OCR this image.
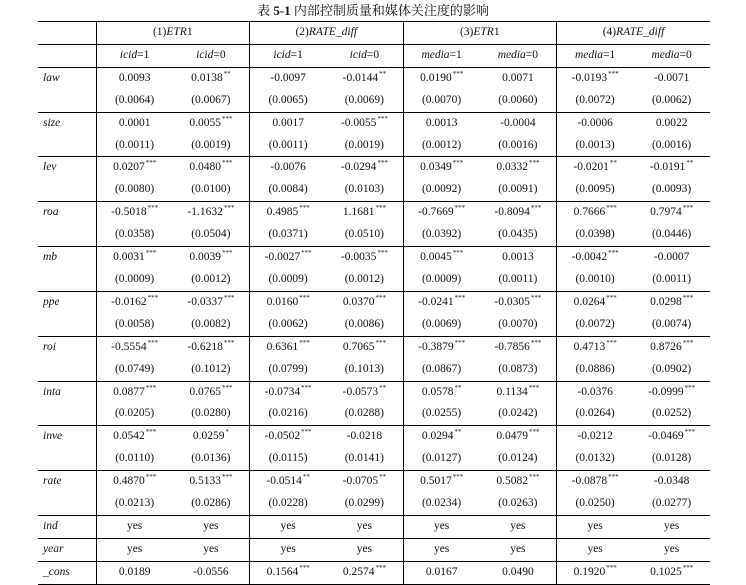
表 5-1 内部控制质量和媒体关注度的影响
	(1)ETR1		(2)RATE_diff		(3)ETR1		(4)RATE_diff	
	icid=1	icid=0	icid=1	icid=0	media=1	media=0	media=1	media=0
law	0.0093	0.0138**	-0.0097	-0.0144**	0.0190***	0.0071	-0.0193***	-0.0071
	(0.0064)	(0.0067)	(0.0065)	(0.0069)	(0.0070)	(0.0060)	(0.0072)	(0.0062)
size	0.0001	0.0055***	0.0017	-0.0055***	0.0013	-0.0004	-0.0006	0.0022
	(0.0011)	(0.0019)	(0.0011)	(0.0019)	(0.0012)	(0.0016)	(0.0013)	(0.0016)
lev	0.0207***	0.0480***	-0.0076	-0.0294***	0.0349***	0.0332***	-0.0201**	-0.0191**
	(0.0080)	(0.0100)	(0.0084)	(0.0103)	(0.0092)	(0.0091)	(0.0095)	(0.0093)
roa	-0.5018***	-1.1632***	0.4985***	1.1681***	-0.7669***	-0.8094***	0.7666***	0.7974***
	(0.0358)	(0.0504)	(0.0371)	(0.0510)	(0.0392)	(0.0435)	(0.0398)	(0.0446)
mb	0.0031***	0.0039***	-0.0027***	-0.0035***	0.0045***	0.0013	-0.0042***	-0.0007
	(0.0009)	(0.0012)	(0.0009)	(0.0012)	(0.0009)	(0.0011)	(0.0010)	(0.0011)
ppe	-0.0162***	-0.0337***	0.0160***	0.0370***	-0.0241***	-0.0305***	0.0264***	0.0298***
	(0.0058)	(0.0082)	(0.0062)	(0.0086)	(0.0069)	(0.0070)	(0.0072)	(0.0074)
roi	-0.5554***	-0.6218***	0.6361***	0.7065***	-0.3879***	-0.7856***	0.4713***	0.8726***
	(0.0749)	(0.1012)	(0.0799)	(0.1013)	(0.0867)	(0.0873)	(0.0886)	(0.0902)
inta	0.0877***	0.0765***	-0.0734***	-0.0573**	0.0578**	0.1134***	-0.0376	-0.0999***
	(0.0205)	(0.0280)	(0.0216)	(0.0288)	(0.0255)	(0.0242)	(0.0264)	(0.0252)
inve	0.0542***	0.0259*	-0.0502***	-0.0218	0.0294**	0.0479***	-0.0212	-0.0469***
	(0.0110)	(0.0136)	(0.0115)	(0.0141)	(0.0127)	(0.0124)	(0.0132)	(0.0128)
rate	0.4870***	0.5133***	-0.0514**	-0.0705**	0.5017***	0.5082***	-0.0878***	-0.0348
	(0.0213)	(0.0286)	(0.0228)	(0.0299)	(0.0234)	(0.0263)	(0.0250)	(0.0277)
ind	yes	yes	yes	yes	yes	yes	yes	yes
year	yes	yes	yes	yes	yes	yes	yes	yes
_cons	0.0189	-0.0556	0.1564***	0.2574***	0.0167	0.0490	0.1920***	0.1025***
